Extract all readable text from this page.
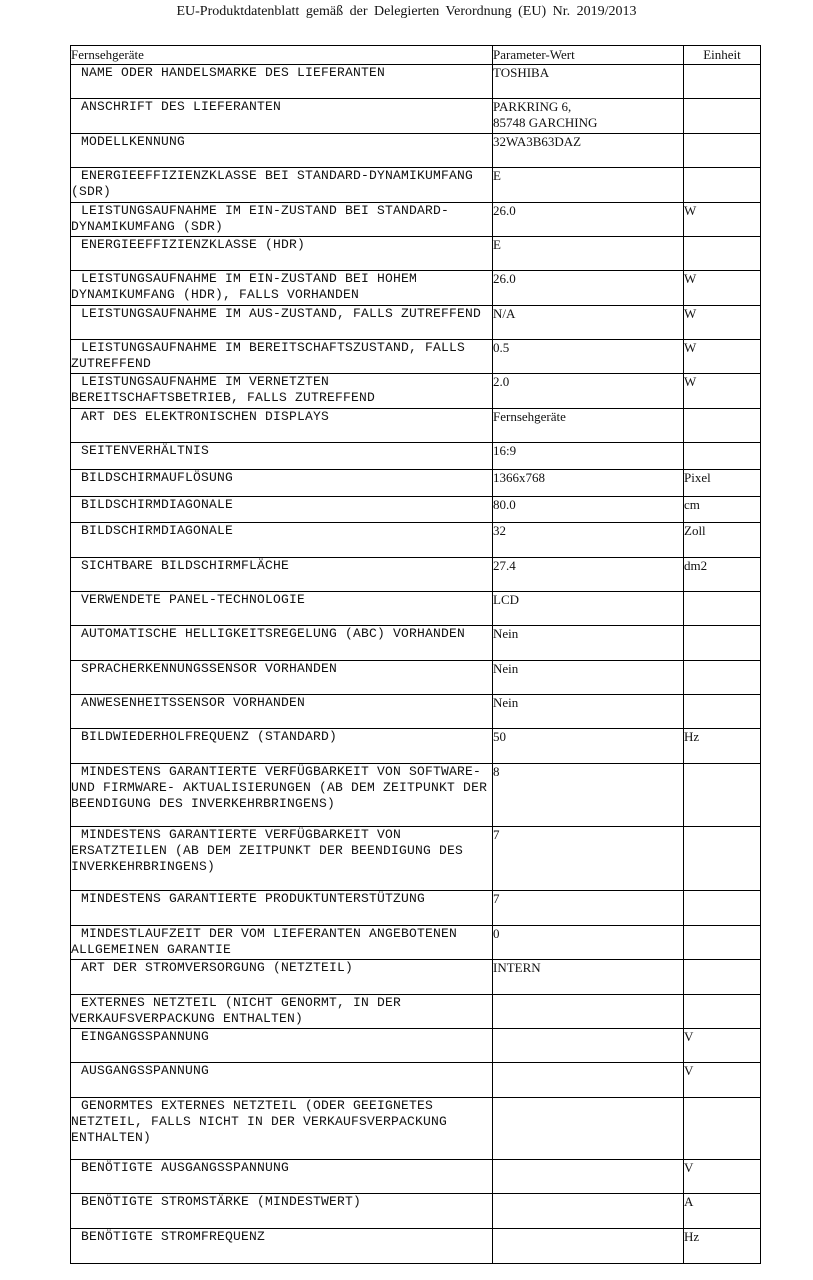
EU-Produktdatenblatt gemäß der Delegierten Verordnung (EU) Nr. 2019/2013
Fernsehgeräte	Parameter-Wert	Einheit
NAME ODER HANDELSMARKE DES LIEFERANTEN	TOSHIBA	
ANSCHRIFT DES LIEFERANTEN	PARKRING 6,
85748 GARCHING	

MODELLKENNUNG	32WA3B63DAZ	
ENERGIEEFFIZIENZKLASSE BEI STANDARD-DYNAMIKUMFANG (SDR)	E	
LEISTUNGSAUFNAHME IM EIN-ZUSTAND BEI STANDARD- DYNAMIKUMFANG (SDR)	26.0	W
ENERGIEEFFIZIENZKLASSE (HDR)	E	
LEISTUNGSAUFNAHME IM EIN-ZUSTAND BEI HOHEM DYNAMIKUMFANG (HDR), FALLS VORHANDEN	26.0	W
LEISTUNGSAUFNAHME IM AUS-ZUSTAND, FALLS ZUTREFFEND	N/A	W
LEISTUNGSAUFNAHME IM BEREITSCHAFTSZUSTAND, FALLS ZUTREFFEND	0.5	W
LEISTUNGSAUFNAHME IM VERNETZTEN BEREITSCHAFTSBETRIEB, FALLS ZUTREFFEND	2.0	W
ART DES ELEKTRONISCHEN DISPLAYS	Fernsehgeräte	
SEITENVERHÄLTNIS	16:9	
BILDSCHIRMAUFLÖSUNG	1366x768	Pixel
BILDSCHIRMDIAGONALE	80.0	cm
BILDSCHIRMDIAGONALE	32	Zoll
SICHTBARE BILDSCHIRMFLÄCHE	27.4	dm2
VERWENDETE PANEL-TECHNOLOGIE	LCD	
AUTOMATISCHE HELLIGKEITSREGELUNG (ABC) VORHANDEN	Nein	
SPRACHERKENNUNGSSENSOR VORHANDEN	Nein	
ANWESENHEITSSENSOR VORHANDEN	Nein	
BILDWIEDERHOLFREQUENZ (STANDARD)	50	Hz
MINDESTENS GARANTIERTE VERFÜGBARKEIT VON SOFTWARE- UND FIRMWARE- AKTUALISIERUNGEN (AB DEM ZEITPUNKT DER BEENDIGUNG DES INVERKEHRBRINGENS)	8	
MINDESTENS GARANTIERTE VERFÜGBARKEIT VON ERSATZTEILEN (AB DEM ZEITPUNKT DER BEENDIGUNG DES INVERKEHRBRINGENS)	7	
MINDESTENS GARANTIERTE PRODUKTUNTERSTÜTZUNG	7	
MINDESTLAUFZEIT DER VOM LIEFERANTEN ANGEBOTENEN ALLGEMEINEN GARANTIE	0	
ART DER STROMVERSORGUNG (NETZTEIL)	INTERN	
EXTERNES NETZTEIL (NICHT GENORMT, IN DER VERKAUFSVERPACKUNG ENTHALTEN)		
EINGANGSSPANNUNG		V
AUSGANGSSPANNUNG		V
GENORMTES EXTERNES NETZTEIL (ODER GEEIGNETES NETZTEIL, FALLS NICHT IN DER VERKAUFSVERPACKUNG ENTHALTEN)		
BENÖTIGTE AUSGANGSSPANNUNG		V
BENÖTIGTE STROMSTÄRKE (MINDESTWERT)		A
BENÖTIGTE STROMFREQUENZ		Hz
